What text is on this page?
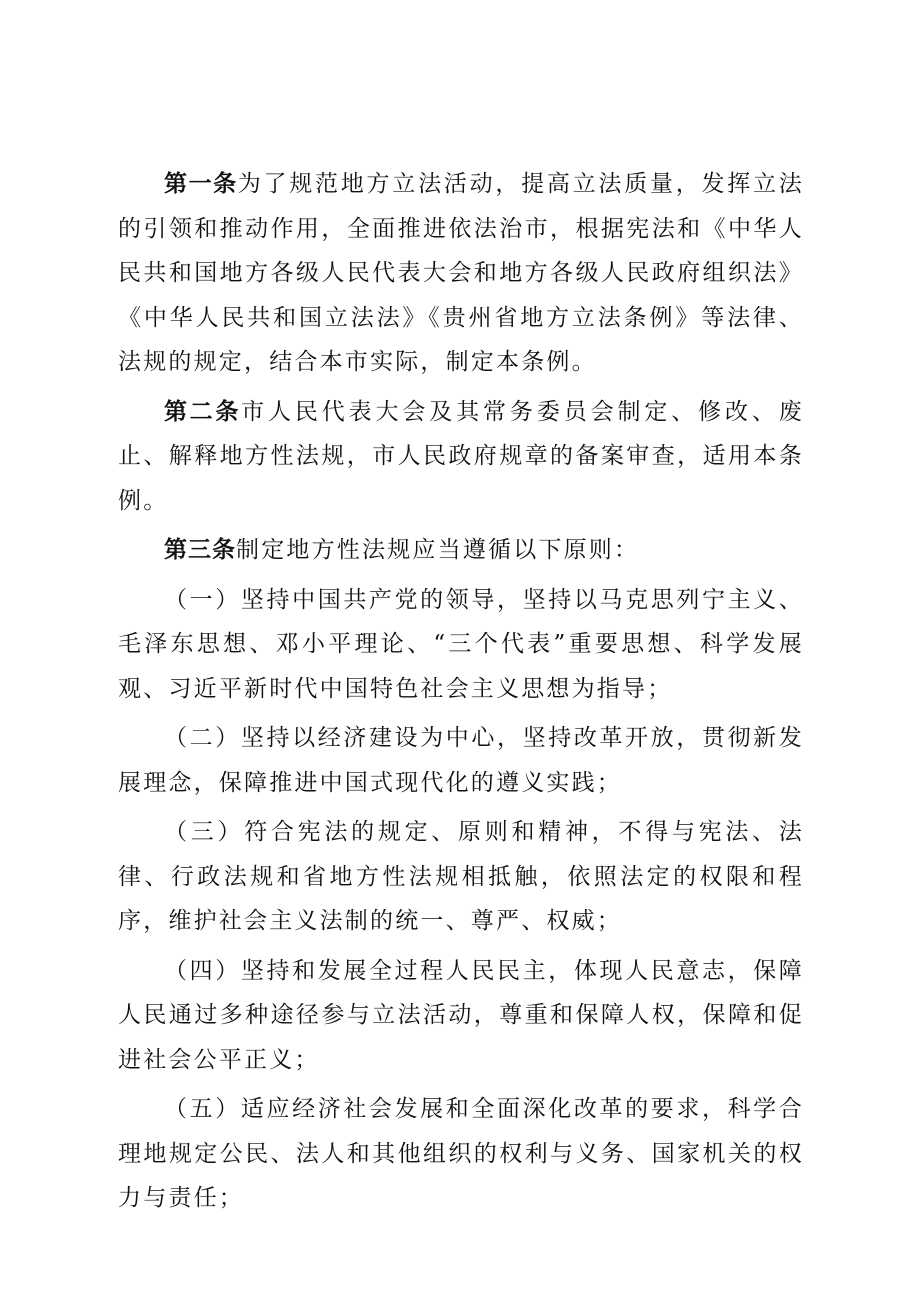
第一条为了规范地方立法活动，提高立法质量，发挥立法的引领和推动作用，全面推进依法治市，根据宪法和《中华人民共和国地方各级人民代表大会和地方各级人民政府组织法》《中华人民共和国立法法》《贵州省地方立法条例》等法律、法规的规定，结合本市实际，制定本条例。

第二条市人民代表大会及其常务委员会制定、修改、废止、解释地方性法规，市人民政府规章的备案审查，适用本条例。

第三条制定地方性法规应当遵循以下原则：

（一）坚持中国共产党的领导，坚持以马克思列宁主义、毛泽东思想、邓小平理论、“三个代表”重要思想、科学发展观、习近平新时代中国特色社会主义思想为指导；

（二）坚持以经济建设为中心，坚持改革开放，贯彻新发展理念，保障推进中国式现代化的遵义实践；

（三）符合宪法的规定、原则和精神，不得与宪法、法律、行政法规和省地方性法规相抵触，依照法定的权限和程序，维护社会主义法制的统一、尊严、权威；

（四）坚持和发展全过程人民民主，体现人民意志，保障人民通过多种途径参与立法活动，尊重和保障人权，保障和促进社会公平正义；

（五）适应经济社会发展和全面深化改革的要求，科学合理地规定公民、法人和其他组织的权利与义务、国家机关的权力与责任；
